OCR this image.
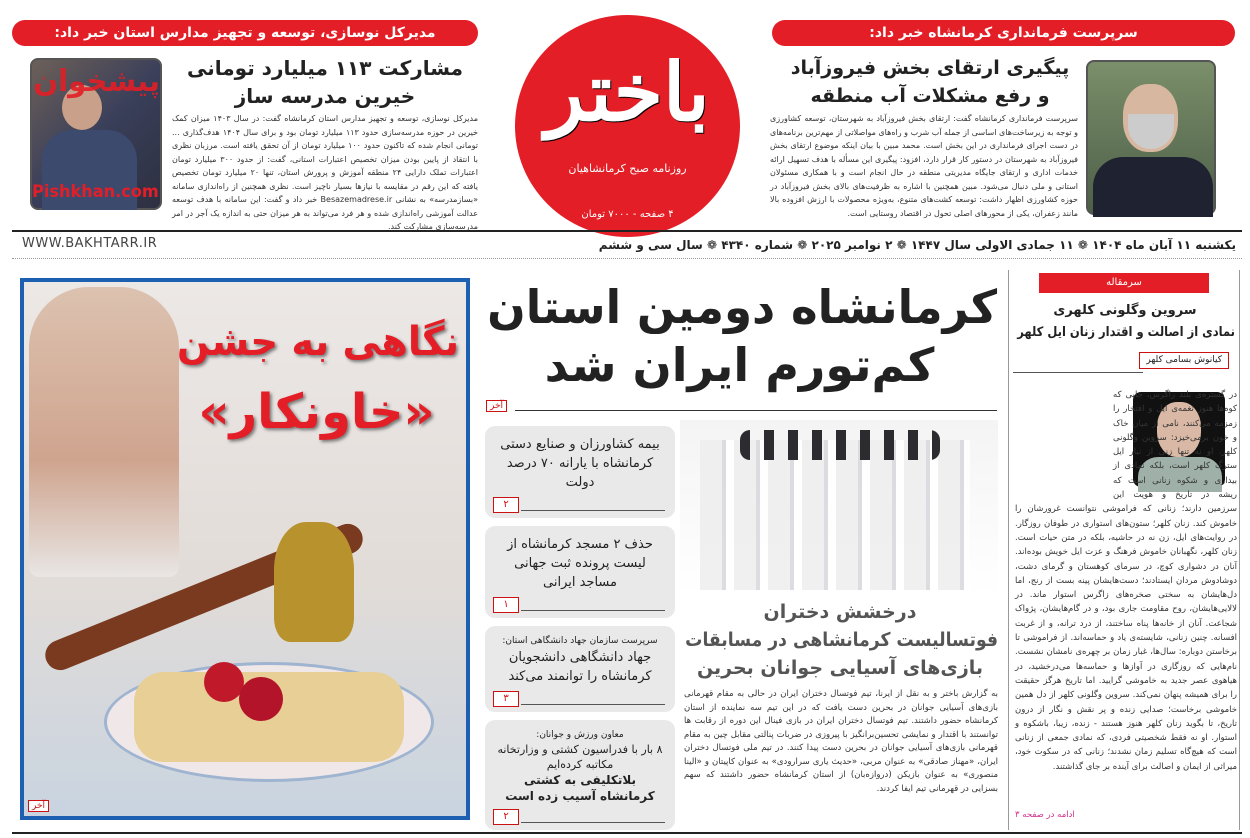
مدیرکل نوسازی، توسعه و تجهیز مدارس استان خبر داد:
پیشخوان
Pishkhan.com
مشارکت ۱۱۳ میلیارد تومانی
خیرین مدرسه ساز
مدیرکل نوسازی، توسعه و تجهیز مدارس استان کرمانشاه گفت: در سال ۱۴۰۳ میزان کمک خیرین در حوزه مدرسه‌سازی حدود ۱۱۳ میلیارد تومان بود و برای سال ۱۴۰۴ هدف‌گذاری ... تومانی انجام شده که تاکنون حدود ۱۰۰ میلیارد تومان از آن تحقق یافته است. مرزبان نظری با انتقاد از پایین بودن میزان تخصیص اعتبارات استانی، گفت: از حدود ۳۰۰ میلیارد تومان اعتبارات تملک دارایی ۲۴ منطقه آموزش و پرورش استان، تنها ۲۰ میلیارد تومان تخصیص یافته که این رقم در مقایسه با نیازها بسیار ناچیز است. نظری همچنین از راه‌اندازی سامانه «بسازمدرسه» به نشانی Besazemadrese.ir خبر داد و گفت: این سامانه با هدف توسعه عدالت آموزشی راه‌اندازی شده و هر فرد می‌تواند به هر میزان حتی به اندازه یک آجر در امر مدرسه‌سازی مشارکت کند.
باختر
روزنامه صبح کرمانشاهیان
۴ صفحه - ۷۰۰۰ تومان
سرپرست فرمانداری کرمانشاه خبر داد:
پیگیری ارتقای بخش فیروزآباد
و رفع مشکلات آب منطقه
سرپرست فرمانداری کرمانشاه گفت: ارتقای بخش فیروزآباد به شهرستان، توسعه کشاورزی و توجه به زیرساخت‌های اساسی از جمله آب شرب و راه‌های مواصلاتی از مهم‌ترین برنامه‌های در دست اجرای فرمانداری در این بخش است. محمد مبین با بیان اینکه موضوع ارتقای بخش فیروزآباد به شهرستان در دستور کار قرار دارد، افزود: پیگیری این مسأله با هدف تسهیل ارائه خدمات اداری و ارتقای جایگاه مدیریتی منطقه در حال انجام است و با همکاری مسئولان استانی و ملی دنبال می‌شود. مبین همچنین با اشاره به ظرفیت‌های بالای بخش فیروزآباد در حوزه کشاورزی اظهار داشت: توسعه کشت‌های متنوع، به‌ویژه محصولات با ارزش افزوده بالا مانند زعفران، یکی از محورهای اصلی تحول در اقتصاد روستایی است.
WWW.BAKHTARR.IR	یکشنبه ۱۱ آبان ماه ۱۴۰۴ ❁ ۱۱ جمادی الاولی سال ۱۴۴۷ ❁ ۲ نوامبر ۲۰۲۵ ❁ شماره ۴۳۴۰ ❁ سال سی و ششم
نگاهی به جشن
«خاونکار»
آخر
کرمانشاه دومین استان
کم‌تورم ایران شد
آخر
بیمه کشاورزان و صنایع دستی کرمانشاه با یارانه ۷۰ درصد دولت
۲
حذف ۲ مسجد کرمانشاه از لیست پرونده ثبت جهانی مساجد ایرانی
۱
سرپرست سازمان جهاد دانشگاهی استان:
جهاد دانشگاهی دانشجویان کرمانشاه را توانمند می‌کند
۳
معاون ورزش و جوانان:
۸ بار با فدراسیون کشتی و وزارتخانه مکاتبه کرده‌ایم
بلاتکلیفی به کشتی کرمانشاه آسیب زده است
۲
درخشش دختران
فوتسالیست کرمانشاهی در مسابقات
بازی‌های آسیایی جوانان بحرین
به گزارش باختر و به نقل از ایرنا، تیم فوتسال دختران ایران در حالی به مقام قهرمانی بازی‌های آسیایی جوانان در بحرین دست یافت که در این تیم سه نماینده از استان کرمانشاه حضور داشتند. تیم فوتسال دختران ایران در بازی فینال این دوره از رقابت ها توانستند با اقتدار و نمایشی تحسین‌برانگیز با پیروزی در ضربات پنالتی مقابل چین به مقام قهرمانی بازی‌های آسیایی جوانان در بحرین دست پیدا کنند. در تیم ملی فوتسال دختران ایران، «مهناز صادقی» به عنوان مربی، «حدیث یاری سرارودی» به عنوان کاپیتان و «الینا منصوری» به عنوان بازیکن (دروازه‌بان) از استان کرمانشاه حضور داشتند که سهم بسزایی در قهرمانی تیم ایفا کردند.
سرمقاله
سروین وگلونی کلهری
نمادی از اصالت و اقتدار زنان ایل کلهر
کیانوش بسامی کلهر
در گستره‌ی بلند زاگرس، جایی که کوه‌ها هنوز نغمه‌ی ایل و افتخار را زمزمه می‌کنند، نامی از میان خاک و خون برمی‌خیزد: سروین وگلونی کلهر. او نه تنها زنی از تبار ایل سترگ کلهر است، بلکه نمادی از بیداری و شکوه زنانی است که ریشه در تاریخ و هویت این سرزمین دارند؛ زنانی که فراموشی نتوانست غرورشان را خاموش کند. زنان کلهر؛ ستون‌های استواری در طوفان روزگار. در روایت‌های ایل، زن نه در حاشیه، بلکه در متن حیات است. زنان کلهر، نگهبانان خاموش فرهنگ و عزت ایل خویش بوده‌اند. آنان در دشواری کوچ، در سرمای کوهستان و گرمای دشت، دوشادوش مردان ایستادند؛ دست‌هایشان پینه بست از رنج، اما دل‌هایشان به سختی صخره‌های زاگرس استوار ماند. در لالایی‌هایشان، روح مقاومت جاری بود، و در گام‌هایشان، پژواک شجاعت. آنان از خانه‌ها پناه ساختند، از درد ترانه، و از غربت افسانه. چنین زنانی، شایسته‌ی یاد و حماسه‌اند. از فراموشی تا برخاستن دوباره: سال‌ها، غبار زمان بر چهره‌ی نامشان نشست. نام‌هایی که روزگاری در آوازها و حماسه‌ها می‌درخشید، در هیاهوی عصر جدید به خاموشی گرایید. اما تاریخ هرگز حقیقت را برای همیشه پنهان نمی‌کند. سروین وگلونی کلهر از دل همین خاموشی برخاست؛ صدایی زنده و پر نقش و نگار از درون تاریخ، تا بگوید زنان کلهر هنوز هستند - زنده، زیبا، باشکوه و استوار. او نه فقط شخصیتی فردی، که نمادی جمعی از زنانی است که هیچ‌گاه تسلیم زمان نشدند؛ زنانی که در سکوت خود، میراثی از ایمان و اصالت برای آینده بر جای گذاشتند.
ادامه در صفحه ۳
